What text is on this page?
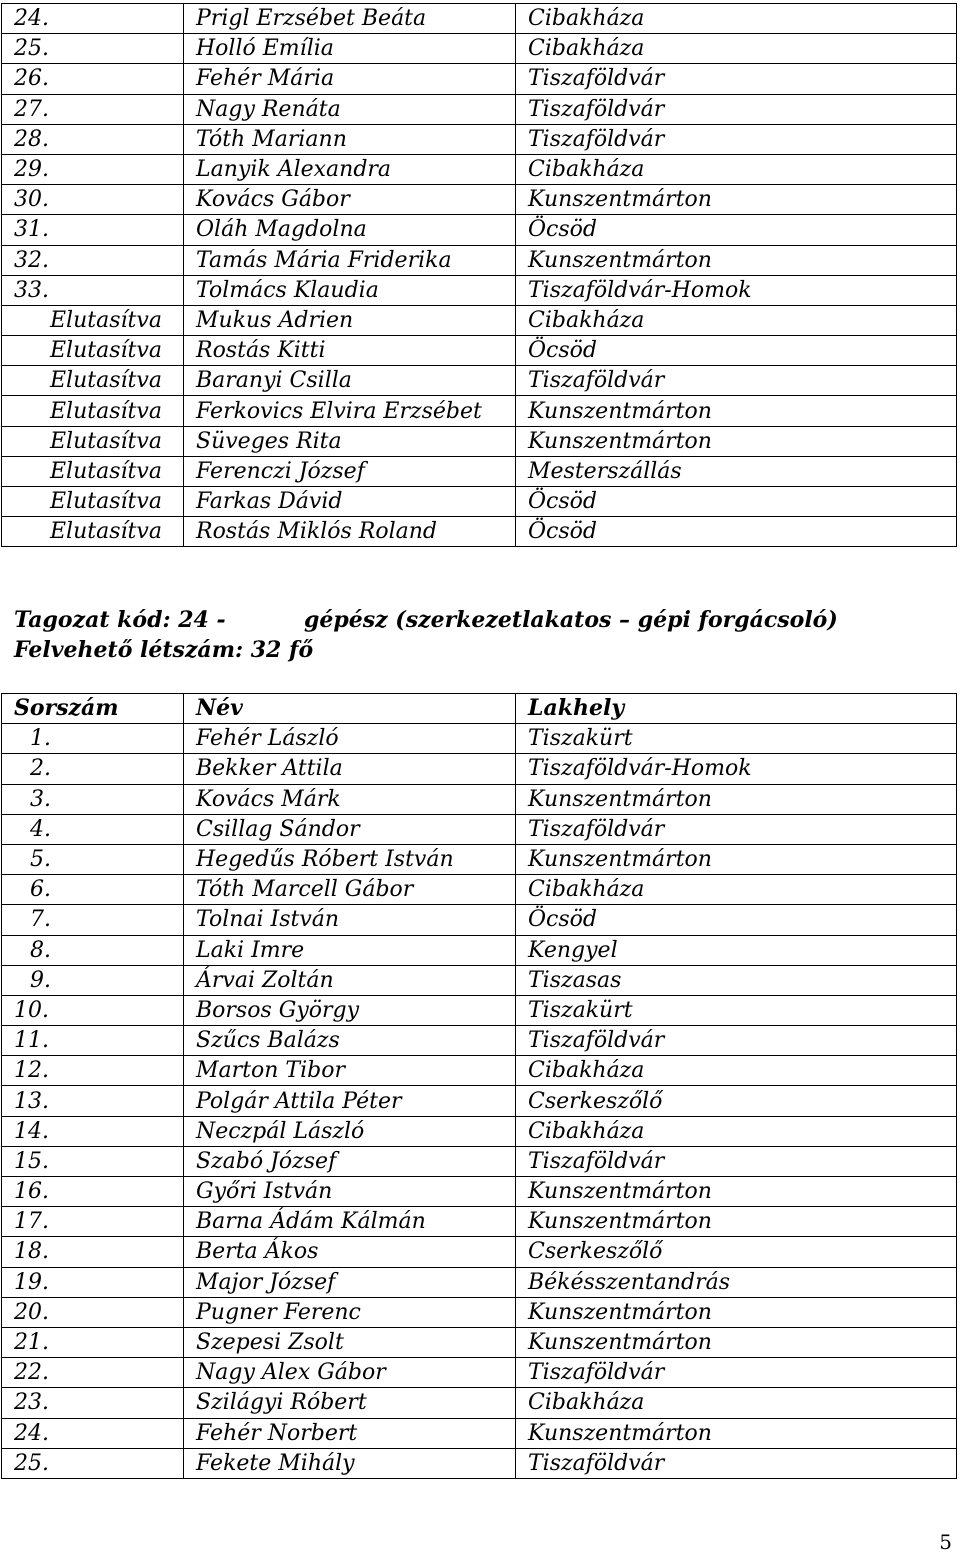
24.	Prigl Erzsébet Beáta	Cibakháza
25.	Holló Emília	Cibakháza
26.	Fehér Mária	Tiszaföldvár
27.	Nagy Renáta	Tiszaföldvár
28.	Tóth Mariann	Tiszaföldvár
29.	Lanyik Alexandra	Cibakháza
30.	Kovács Gábor	Kunszentmárton
31.	Oláh Magdolna	Öcsöd
32.	Tamás Mária Friderika	Kunszentmárton
33.	Tolmács Klaudia	Tiszaföldvár-Homok
Elutasítva	Mukus Adrien	Cibakháza
Elutasítva	Rostás Kitti	Öcsöd
Elutasítva	Baranyi Csilla	Tiszaföldvár
Elutasítva	Ferkovics Elvira Erzsébet	Kunszentmárton
Elutasítva	Süveges Rita	Kunszentmárton
Elutasítva	Ferenczi József	Mesterszállás
Elutasítva	Farkas Dávid	Öcsöd
Elutasítva	Rostás Miklós Roland	Öcsöd
Tagozat kód: 24 -	gépész (szerkezetlakatos – gépi forgácsoló)
Felvehető létszám: 32 fő
Sorszám	Név	Lakhely
1.	Fehér László	Tiszakürt
2.	Bekker Attila	Tiszaföldvár-Homok
3.	Kovács Márk	Kunszentmárton
4.	Csillag Sándor	Tiszaföldvár
5.	Hegedűs Róbert István	Kunszentmárton
6.	Tóth Marcell Gábor	Cibakháza
7.	Tolnai István	Öcsöd
8.	Laki Imre	Kengyel
9.	Árvai Zoltán	Tiszasas
10.	Borsos György	Tiszakürt
11.	Szűcs Balázs	Tiszaföldvár
12.	Marton Tibor	Cibakháza
13.	Polgár Attila Péter	Cserkeszőlő
14.	Neczpál László	Cibakháza
15.	Szabó József	Tiszaföldvár
16.	Győri István	Kunszentmárton
17.	Barna Ádám Kálmán	Kunszentmárton
18.	Berta Ákos	Cserkeszőlő
19.	Major József	Békésszentandrás
20.	Pugner Ferenc	Kunszentmárton
21.	Szepesi Zsolt	Kunszentmárton
22.	Nagy Alex Gábor	Tiszaföldvár
23.	Szilágyi Róbert	Cibakháza
24.	Fehér Norbert	Kunszentmárton
25.	Fekete Mihály	Tiszaföldvár
5
